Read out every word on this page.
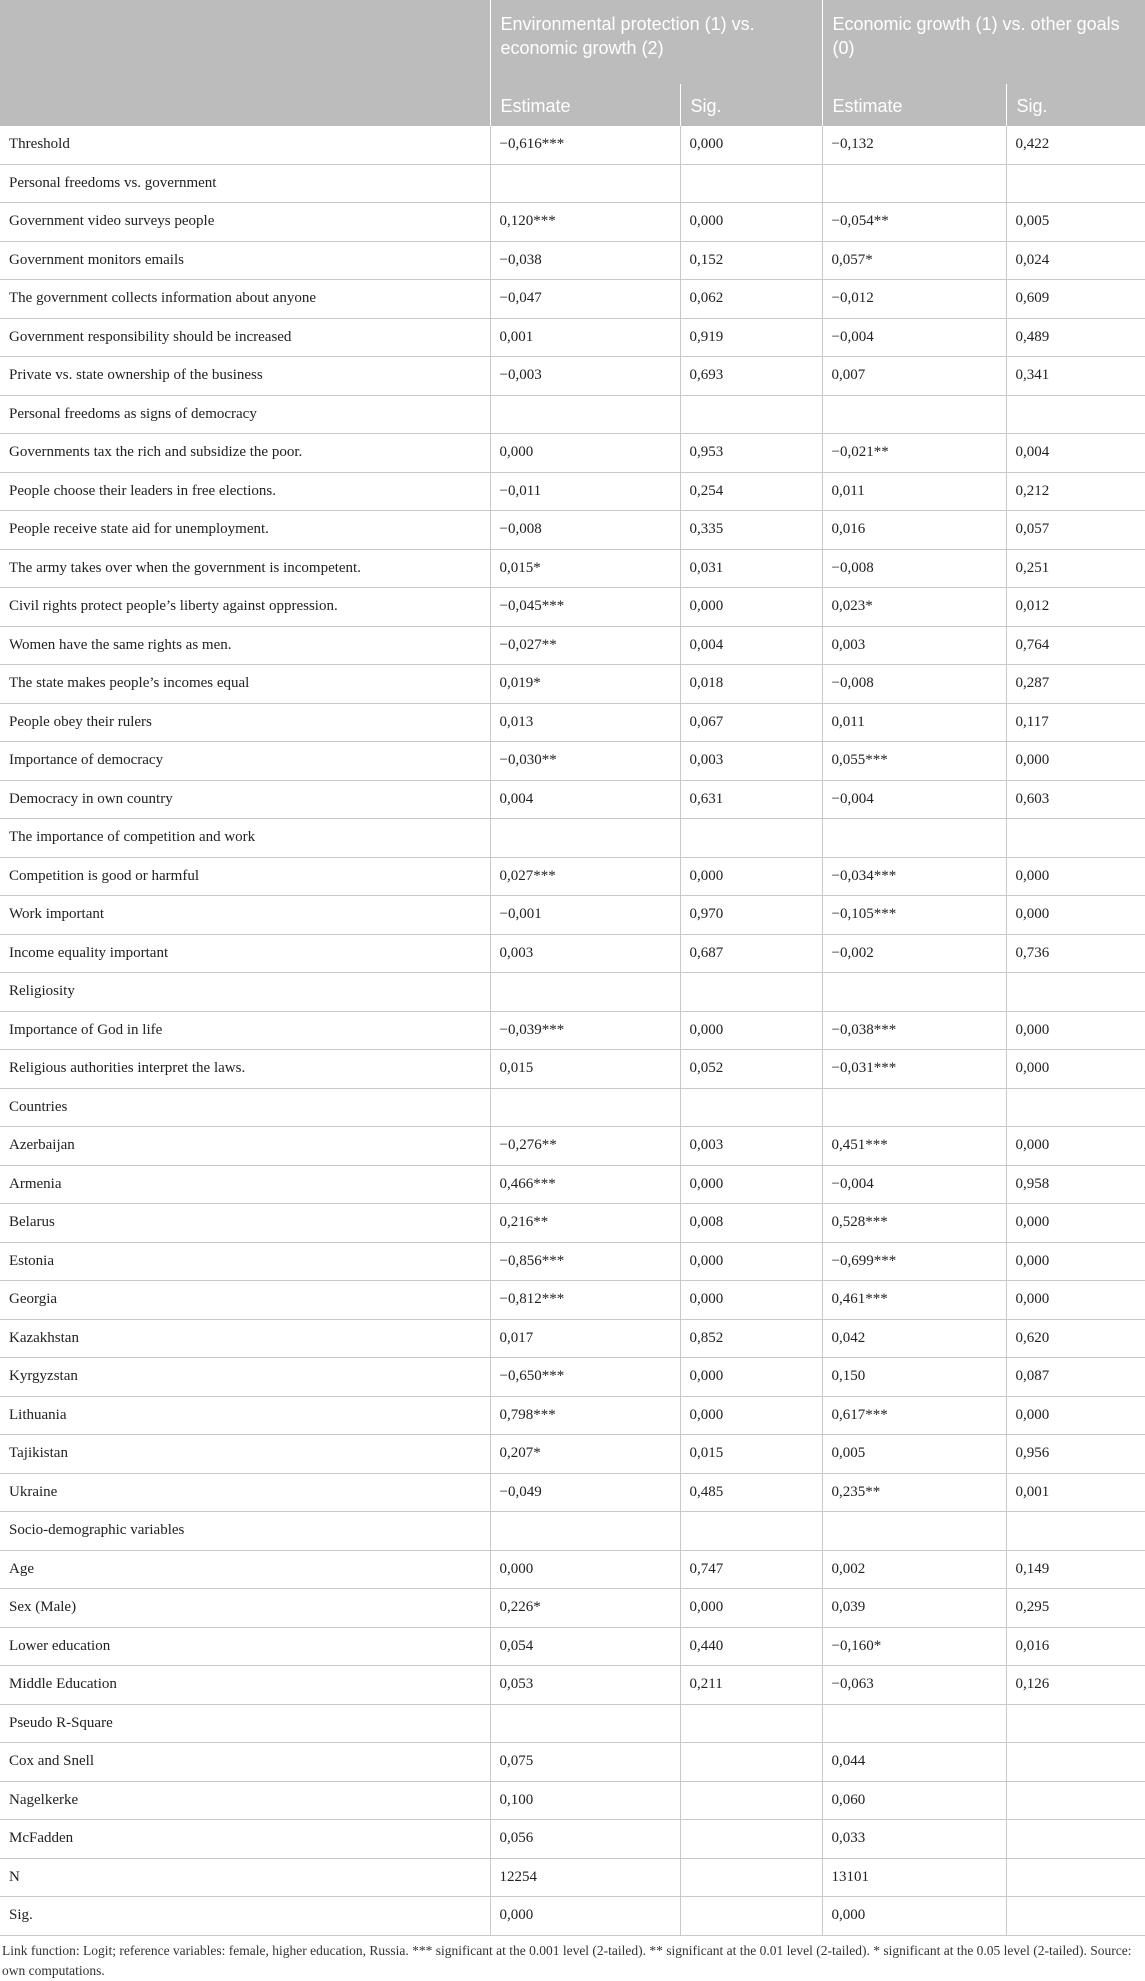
	Environmental protection (1) vs. economic growth (2)		Economic growth (1) vs. other goals (0)	
	Estimate	Sig.	Estimate	Sig.
Threshold	−0,616***	0,000	−0,132	0,422
Personal freedoms vs. government				
Government video surveys people	0,120***	0,000	−0,054**	0,005
Government monitors emails	−0,038	0,152	0,057*	0,024
The government collects information about anyone	−0,047	0,062	−0,012	0,609
Government responsibility should be increased	0,001	0,919	−0,004	0,489
Private vs. state ownership of the business	−0,003	0,693	0,007	0,341
Personal freedoms as signs of democracy				
Governments tax the rich and subsidize the poor.	0,000	0,953	−0,021**	0,004
People choose their leaders in free elections.	−0,011	0,254	0,011	0,212
People receive state aid for unemployment.	−0,008	0,335	0,016	0,057
The army takes over when the government is incompetent.	0,015*	0,031	−0,008	0,251
Civil rights protect people’s liberty against oppression.	−0,045***	0,000	0,023*	0,012
Women have the same rights as men.	−0,027**	0,004	0,003	0,764
The state makes people’s incomes equal	0,019*	0,018	−0,008	0,287
People obey their rulers	0,013	0,067	0,011	0,117
Importance of democracy	−0,030**	0,003	0,055***	0,000
Democracy in own country	0,004	0,631	−0,004	0,603
The importance of competition and work				
Competition is good or harmful	0,027***	0,000	−0,034***	0,000
Work important	−0,001	0,970	−0,105***	0,000
Income equality important	0,003	0,687	−0,002	0,736
Religiosity				
Importance of God in life	−0,039***	0,000	−0,038***	0,000
Religious authorities interpret the laws.	0,015	0,052	−0,031***	0,000
Countries				
Azerbaijan	−0,276**	0,003	0,451***	0,000
Armenia	0,466***	0,000	−0,004	0,958
Belarus	0,216**	0,008	0,528***	0,000
Estonia	−0,856***	0,000	−0,699***	0,000
Georgia	−0,812***	0,000	0,461***	0,000
Kazakhstan	0,017	0,852	0,042	0,620
Kyrgyzstan	−0,650***	0,000	0,150	0,087
Lithuania	0,798***	0,000	0,617***	0,000
Tajikistan	0,207*	0,015	0,005	0,956
Ukraine	−0,049	0,485	0,235**	0,001
Socio-demographic variables				
Age	0,000	0,747	0,002	0,149
Sex (Male)	0,226*	0,000	0,039	0,295
Lower education	0,054	0,440	−0,160*	0,016
Middle Education	0,053	0,211	−0,063	0,126
Pseudo R-Square				
Cox and Snell	0,075		0,044	
Nagelkerke	0,100		0,060	
McFadden	0,056		0,033	
N	12254		13101	
Sig.	0,000		0,000	
Link function: Logit; reference variables: female, higher education, Russia. *** significant at the 0.001 level (2-tailed). ** significant at the 0.01 level (2-tailed). * significant at the 0.05 level (2-tailed). Source: own computations.
